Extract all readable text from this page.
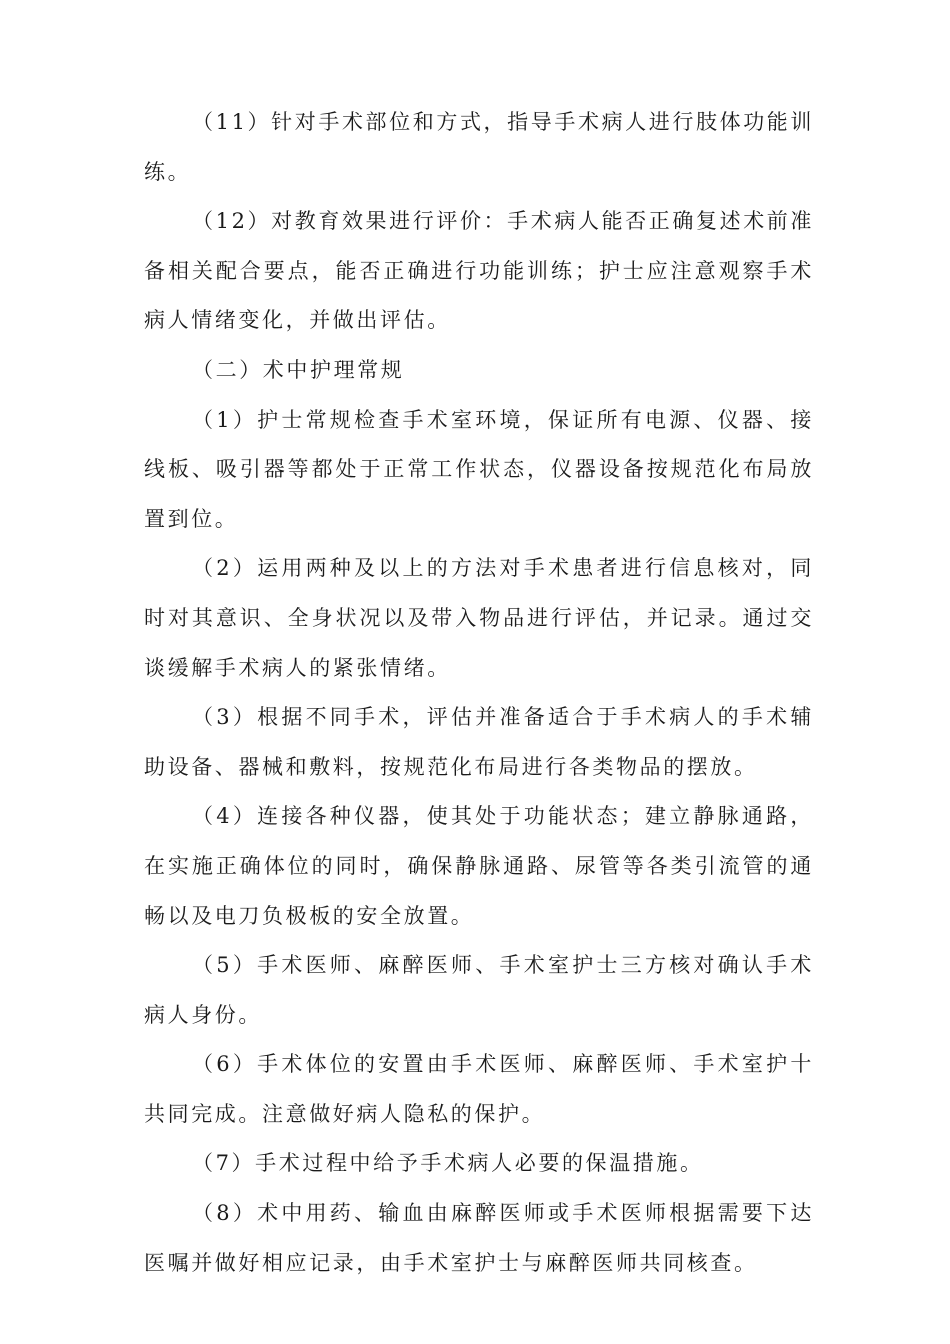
（11）针对手术部位和方式，指导手术病人进行肢体功能训练。

（12）对教育效果进行评价：手术病人能否正确复述术前准备相关配合要点，能否正确进行功能训练；护士应注意观察手术病人情绪变化，并做出评估。

（二）术中护理常规

（1）护士常规检查手术室环境，保证所有电源、仪器、接线板、吸引器等都处于正常工作状态，仪器设备按规范化布局放置到位。

（2）运用两种及以上的方法对手术患者进行信息核对，同时对其意识、全身状况以及带入物品进行评估，并记录。通过交谈缓解手术病人的紧张情绪。

（3）根据不同手术，评估并准备适合于手术病人的手术辅助设备、器械和敷料，按规范化布局进行各类物品的摆放。

（4）连接各种仪器，使其处于功能状态；建立静脉通路，在实施正确体位的同时，确保静脉通路、尿管等各类引流管的通畅以及电刀负极板的安全放置。

（5）手术医师、麻醉医师、手术室护士三方核对确认手术病人身份。

（6）手术体位的安置由手术医师、麻醉医师、手术室护十共同完成。注意做好病人隐私的保护。

（7）手术过程中给予手术病人必要的保温措施。

（8）术中用药、输血由麻醉医师或手术医师根据需要下达医嘱并做好相应记录，由手术室护士与麻醉医师共同核查。
